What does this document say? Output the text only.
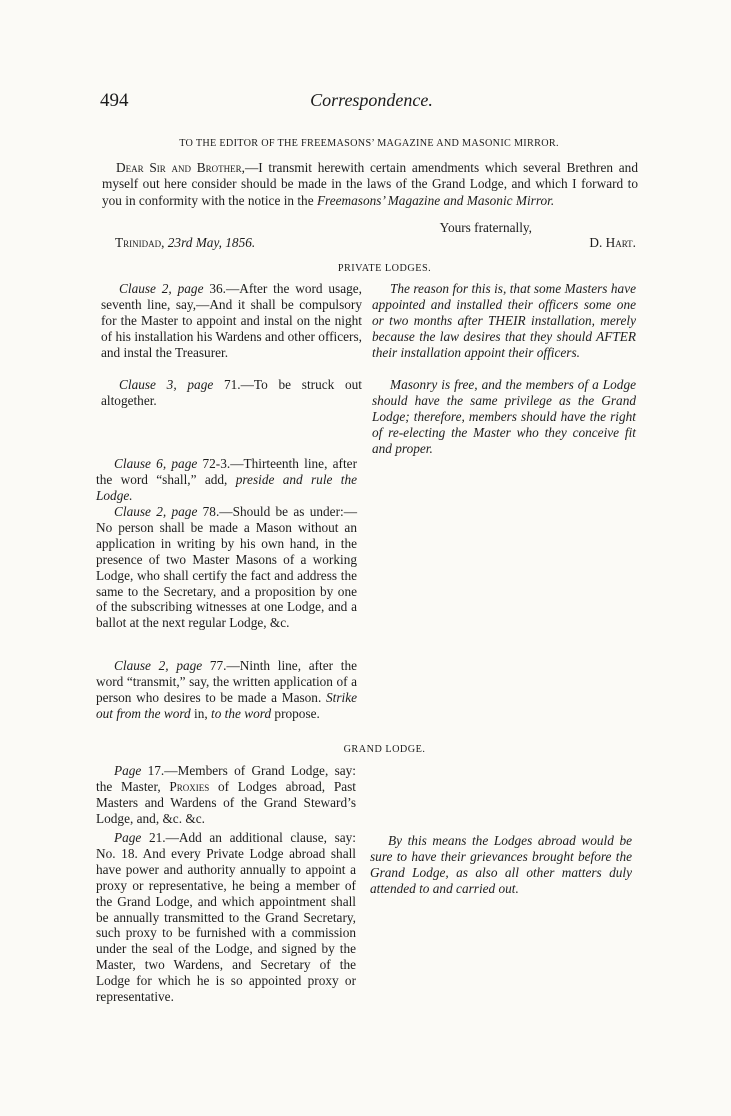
494	Correspondence.
TO THE EDITOR OF THE FREEMASONS’ MAGAZINE AND MASONIC MIRROR.

Dear Sir and Brother,—I transmit herewith certain amendments which several Brethren and myself out here consider should be made in the laws of the Grand Lodge, and which I forward to you in conformity with the notice in the Freemasons’ Magazine and Masonic Mirror.

Yours fraternally,
Trinidad, 23rd May, 1856.	D. Hart.
PRIVATE LODGES.

Clause 2, page 36.—After the word usage, seventh line, say,—And it shall be compulsory for the Master to appoint and instal on the night of his installation his Wardens and other officers, and instal the Treasurer.

The reason for this is, that some Masters have appointed and installed their officers some one or two months after THEIR installation, merely because the law desires that they should AFTER their installation appoint their officers.

Clause 3, page 71.—To be struck out altogether.

Masonry is free, and the members of a Lodge should have the same privilege as the Grand Lodge; therefore, members should have the right of re-electing the Master who they conceive fit and proper.

Clause 6, page 72-3.—Thirteenth line, after the word “shall,” add, preside and rule the Lodge.

Clause 2, page 78.—Should be as under:—No person shall be made a Mason without an application in writing by his own hand, in the presence of two Master Masons of a working Lodge, who shall certify the fact and address the same to the Secretary, and a proposition by one of the subscribing witnesses at one Lodge, and a ballot at the next regular Lodge, &c.

Clause 2, page 77.—Ninth line, after the word “transmit,” say, the written application of a person who desires to be made a Mason. Strike out from the word in, to the word propose.

GRAND LODGE.

Page 17.—Members of Grand Lodge, say: the Master, Proxies of Lodges abroad, Past Masters and Wardens of the Grand Steward’s Lodge, and, &c. &c.

Page 21.—Add an additional clause, say: No. 18. And every Private Lodge abroad shall have power and authority annually to appoint a proxy or representative, he being a member of the Grand Lodge, and which appointment shall be annually transmitted to the Grand Secretary, such proxy to be furnished with a commission under the seal of the Lodge, and signed by the Master, two Wardens, and Secretary of the Lodge for which he is so appointed proxy or representative.

By this means the Lodges abroad would be sure to have their grievances brought before the Grand Lodge, as also all other matters duly attended to and carried out.
